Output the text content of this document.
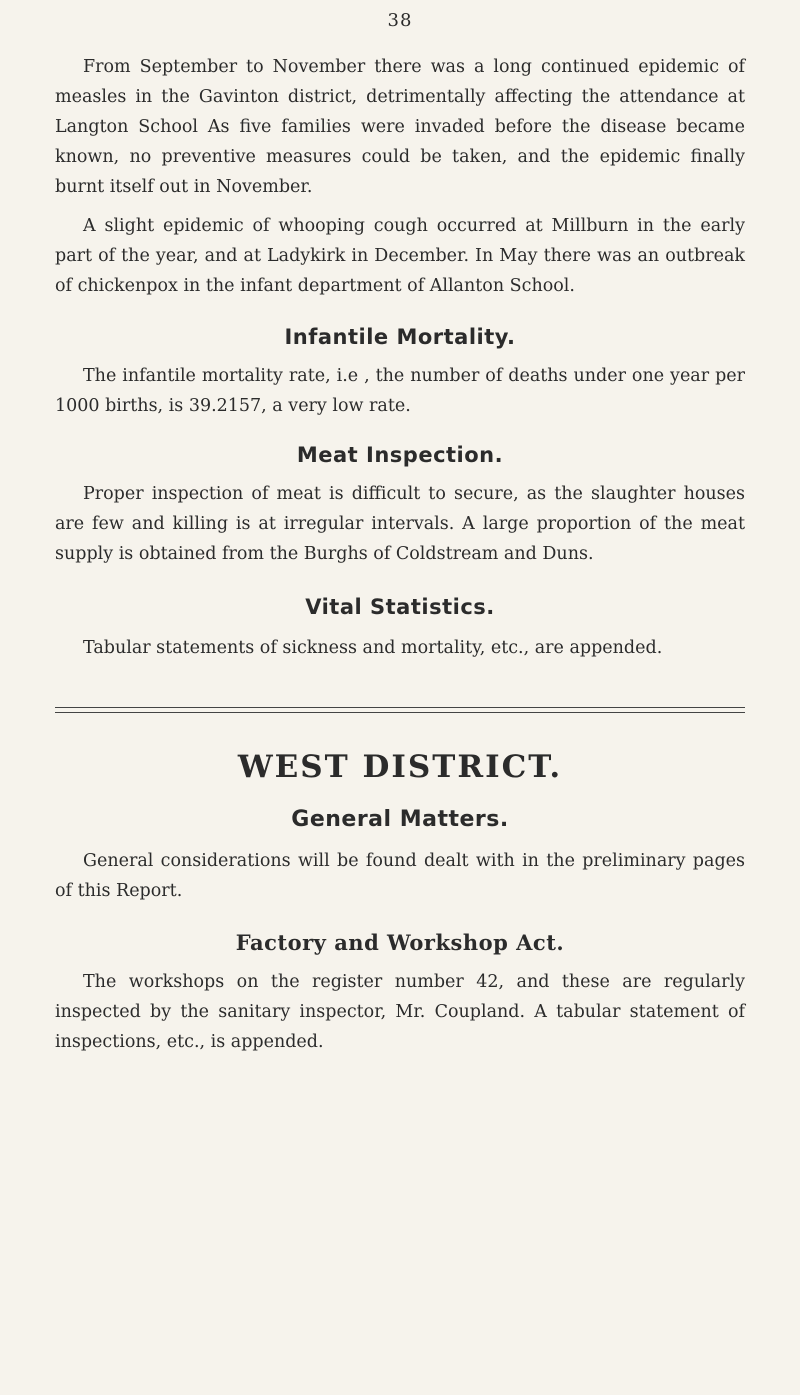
38

From September to November there was a long continued epidemic of measles in the Gavinton district, detrimentally affecting the attendance at Langton School As five families were invaded before the disease became known, no preventive measures could be taken, and the epidemic finally burnt itself out in November.

A slight epidemic of whooping cough occurred at Millburn in the early part of the year, and at Ladykirk in December. In May there was an outbreak of chickenpox in the infant department of Allanton School.

Infantile Mortality.

The infantile mortality rate, i.e , the number of deaths under one year per 1000 births, is 39.2157, a very low rate.

Meat Inspection.

Proper inspection of meat is difficult to secure, as the slaughter houses are few and killing is at irregular intervals. A large proportion of the meat supply is obtained from the Burghs of Coldstream and Duns.

Vital Statistics.

Tabular statements of sickness and mortality, etc., are appended.

WEST DISTRICT.
General Matters.

General considerations will be found dealt with in the preliminary pages of this Report.

Factory and Workshop Act.

The workshops on the register number 42, and these are regularly inspected by the sanitary inspector, Mr. Coupland. A tabular statement of inspections, etc., is appended.
